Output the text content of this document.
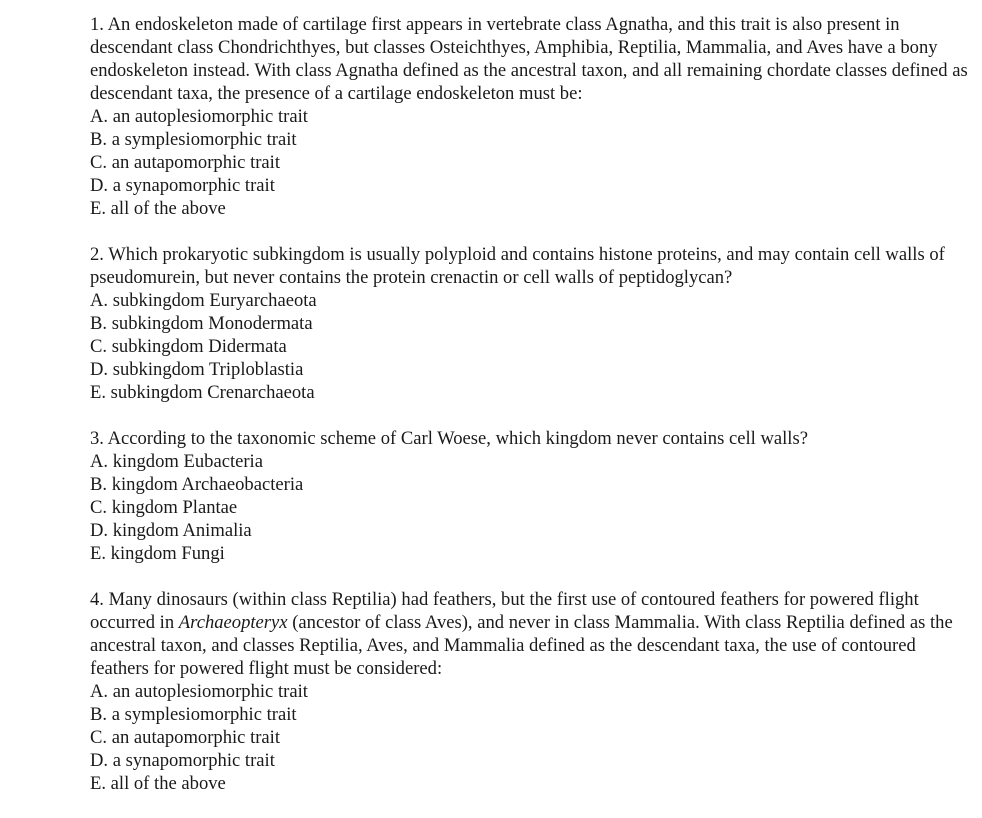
1. An endoskeleton made of cartilage first appears in vertebrate class Agnatha, and this trait is also present in descendant class Chondrichthyes, but classes Osteichthyes, Amphibia, Reptilia, Mammalia, and Aves have a bony endoskeleton instead. With class Agnatha defined as the ancestral taxon, and all remaining chordate classes defined as descendant taxa, the presence of a cartilage endoskeleton must be:

A. an autoplesiomorphic trait

B. a symplesiomorphic trait

C. an autapomorphic trait

D. a synapomorphic trait

E. all of the above

2. Which prokaryotic subkingdom is usually polyploid and contains histone proteins, and may contain cell walls of pseudomurein, but never contains the protein crenactin or cell walls of peptidoglycan?

A. subkingdom Euryarchaeota

B. subkingdom Monodermata

C. subkingdom Didermata

D. subkingdom Triploblastia

E. subkingdom Crenarchaeota

3. According to the taxonomic scheme of Carl Woese, which kingdom never contains cell walls?

A. kingdom Eubacteria

B. kingdom Archaeobacteria

C. kingdom Plantae

D. kingdom Animalia

E. kingdom Fungi

4. Many dinosaurs (within class Reptilia) had feathers, but the first use of contoured feathers for powered flight occurred in Archaeopteryx (ancestor of class Aves), and never in class Mammalia. With class Reptilia defined as the ancestral taxon, and classes Reptilia, Aves, and Mammalia defined as the descendant taxa, the use of contoured feathers for powered flight must be considered:

A. an autoplesiomorphic trait

B. a symplesiomorphic trait

C. an autapomorphic trait

D. a synapomorphic trait

E. all of the above
